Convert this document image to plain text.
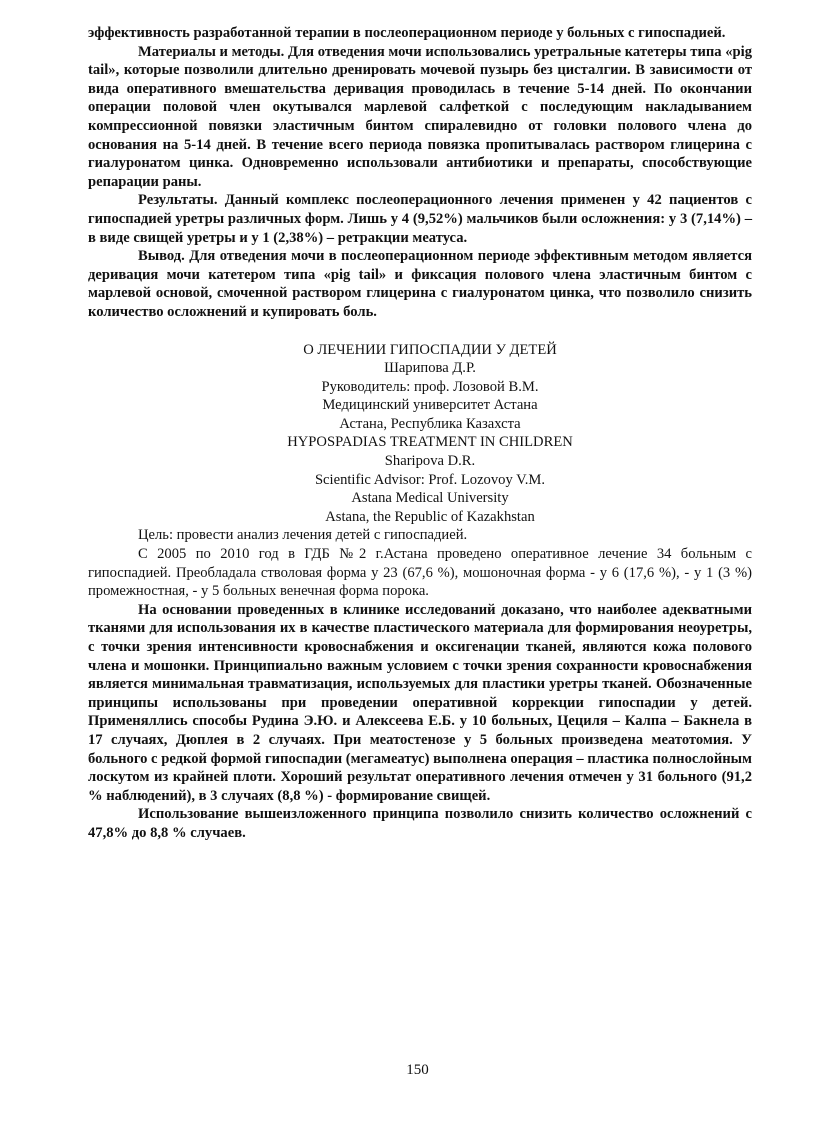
эффективность разработанной терапии в послеоперационном периоде у больных с гипоспадией.

Материалы и методы. Для отведения мочи использовались уретральные катетеры типа «pig tail», которые позволили длительно дренировать мочевой пузырь без цисталгии. В зависимости от вида оперативного вмешательства деривация проводилась в течение 5-14 дней. По окончании операции половой член окутывался марлевой салфеткой с последующим накладыванием компрессионной повязки эластичным бинтом спиралевидно от головки полового члена до основания на 5-14 дней. В течение всего периода повязка пропитывалась раствором глицерина с гиалуронатом цинка. Одновременно использовали антибиотики и препараты, способствующие репарации раны.

Результаты. Данный комплекс послеоперационного лечения применен у 42 пациентов с гипоспадией уретры различных форм. Лишь у 4 (9,52%) мальчиков были осложнения: у 3 (7,14%) – в виде свищей уретры и у 1 (2,38%) – ретракции меатуса.

Вывод. Для отведения мочи в послеоперационном периоде эффективным методом является деривация мочи катетером типа «pig tail» и фиксация полового члена эластичным бинтом с марлевой основой, смоченной раствором глицерина с гиалуронатом цинка, что позволило снизить количество осложнений и купировать боль.

О ЛЕЧЕНИИ ГИПОСПАДИИ У ДЕТЕЙ
Шарипова Д.Р.
Руководитель: проф. Лозовой В.М.
Медицинский университет Астана
Астана, Республика Казахста
HYPOSPADIAS TREATMENT IN CHILDREN
Sharipova D.R.
Scientific Advisor: Prof. Lozovoy V.M.
Astana Medical University
Astana, the Republic of Kazakhstan

Цель: провести анализ лечения детей с гипоспадией.

С 2005 по 2010 год в ГДБ №2 г.Астана проведено оперативное лечение 34 больным с гипоспадией. Преобладала стволовая форма у 23 (67,6 %), мошоночная форма - у 6 (17,6 %), - у 1 (3 %) промежностная, - у 5 больных венечная форма порока.

На основании проведенных в клинике исследований доказано, что наиболее адекватными тканями для использования их в качестве пластического материала для формирования неоуретры, с точки зрения интенсивности кровоснабжения и оксигенации тканей, являются кожа полового члена и мошонки. Принципиально важным условием с точки зрения сохранности кровоснабжения является минимальная травматизация, используемых для пластики уретры тканей. Обозначенные принципы использованы при проведении оперативной коррекции гипоспадии у детей. Применяллись способы Рудина Э.Ю. и Алексеева Е.Б. у 10 больных, Цециля – Калпа – Бакнела в 17 случаях, Дюплея в 2 случаях. При меатостенозе у 5 больных произведена меатотомия. У больного с редкой формой гипоспадии (мегамеатус) выполнена операция – пластика полнослойным лоскутом из крайней плоти. Хороший результат оперативного лечения отмечен у 31 больного (91,2 % наблюдений), в 3 случаях (8,8 %) - формирование свищей.

Использование вышеизложенного принципа позволило снизить количество осложнений с 47,8% до 8,8 % случаев.

150
